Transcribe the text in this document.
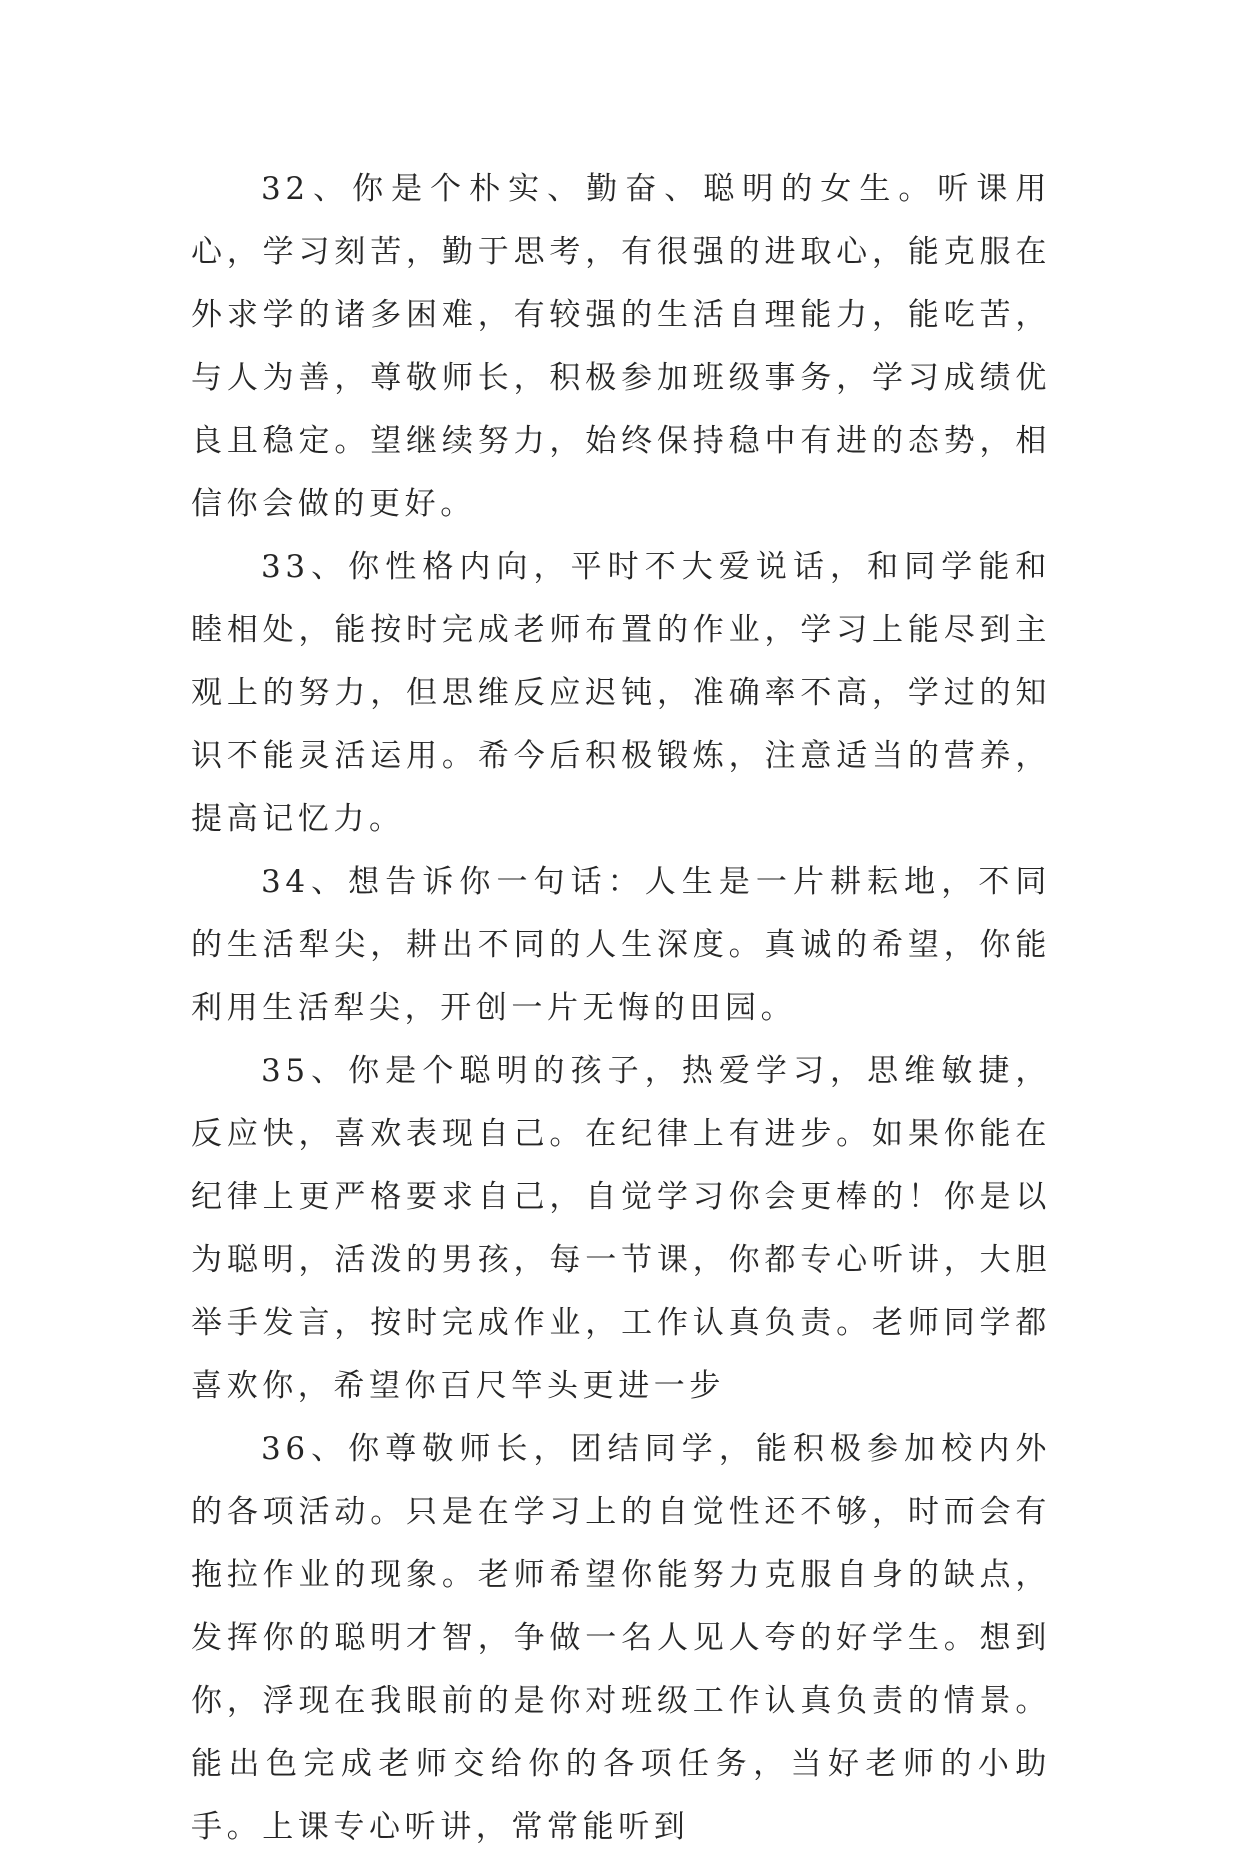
32、你是个朴实、勤奋、聪明的女生。听课用心，学习刻苦，勤于思考，有很强的进取心，能克服在外求学的诸多困难，有较强的生活自理能力，能吃苦，与人为善，尊敬师长，积极参加班级事务，学习成绩优良且稳定。望继续努力，始终保持稳中有进的态势，相信你会做的更好。

33、你性格内向，平时不大爱说话，和同学能和睦相处，能按时完成老师布置的作业，学习上能尽到主观上的努力，但思维反应迟钝，准确率不高，学过的知识不能灵活运用。希今后积极锻炼，注意适当的营养，提高记忆力。

34、想告诉你一句话：人生是一片耕耘地，不同的生活犁尖，耕出不同的人生深度。真诚的希望，你能利用生活犁尖，开创一片无悔的田园。

35、你是个聪明的孩子，热爱学习，思维敏捷，反应快，喜欢表现自己。在纪律上有进步。如果你能在纪律上更严格要求自己，自觉学习你会更棒的！你是以为聪明，活泼的男孩，每一节课，你都专心听讲，大胆举手发言，按时完成作业，工作认真负责。老师同学都喜欢你，希望你百尺竿头更进一步

36、你尊敬师长，团结同学，能积极参加校内外的各项活动。只是在学习上的自觉性还不够，时而会有拖拉作业的现象。老师希望你能努力克服自身的缺点，发挥你的聪明才智，争做一名人见人夸的好学生。想到你，浮现在我眼前的是你对班级工作认真负责的情景。能出色完成老师交给你的各项任务，当好老师的小助手。上课专心听讲，常常能听到
